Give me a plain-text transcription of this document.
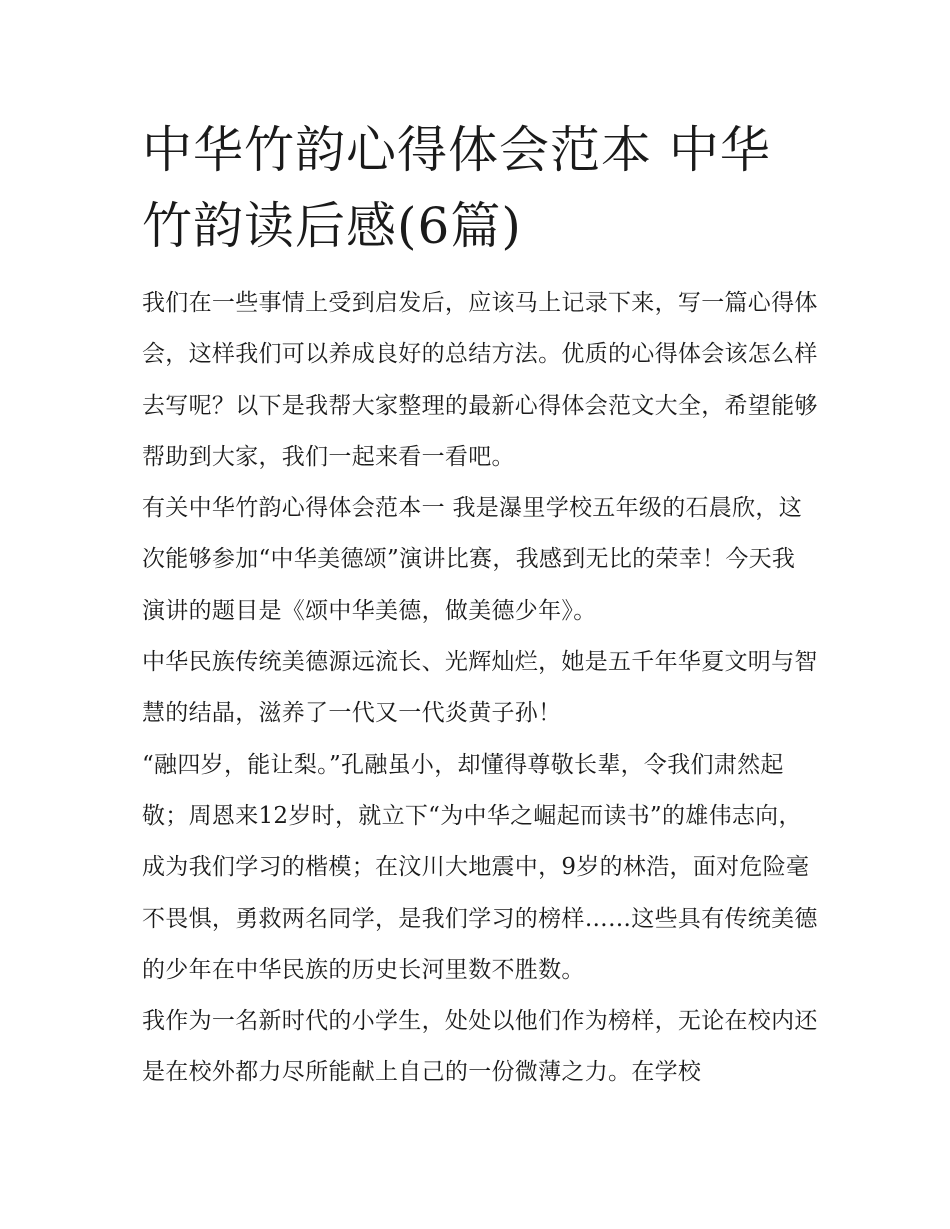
中华竹韵心得体会范本 中华竹韵读后感(6篇)

我们在一些事情上受到启发后，应该马上记录下来，写一篇心得体会，这样我们可以养成良好的总结方法。优质的心得体会该怎么样去写呢？以下是我帮大家整理的最新心得体会范文大全，希望能够帮助到大家，我们一起来看一看吧。

有关中华竹韵心得体会范本一 我是瀑里学校五年级的石晨欣，这次能够参加“中华美德颂”演讲比赛，我感到无比的荣幸！今天我演讲的题目是《颂中华美德，做美德少年》。

中华民族传统美德源远流长、光辉灿烂，她是五千年华夏文明与智慧的结晶，滋养了一代又一代炎黄子孙！

“融四岁，能让梨。”孔融虽小，却懂得尊敬长辈，令我们肃然起敬；周恩来12岁时，就立下“为中华之崛起而读书”的雄伟志向，成为我们学习的楷模；在汶川大地震中，9岁的林浩，面对危险毫不畏惧，勇救两名同学，是我们学习的榜样……这些具有传统美德的少年在中华民族的历史长河里数不胜数。

我作为一名新时代的小学生，处处以他们作为榜样，无论在校内还是在校外都力尽所能献上自己的一份微薄之力。在学校
